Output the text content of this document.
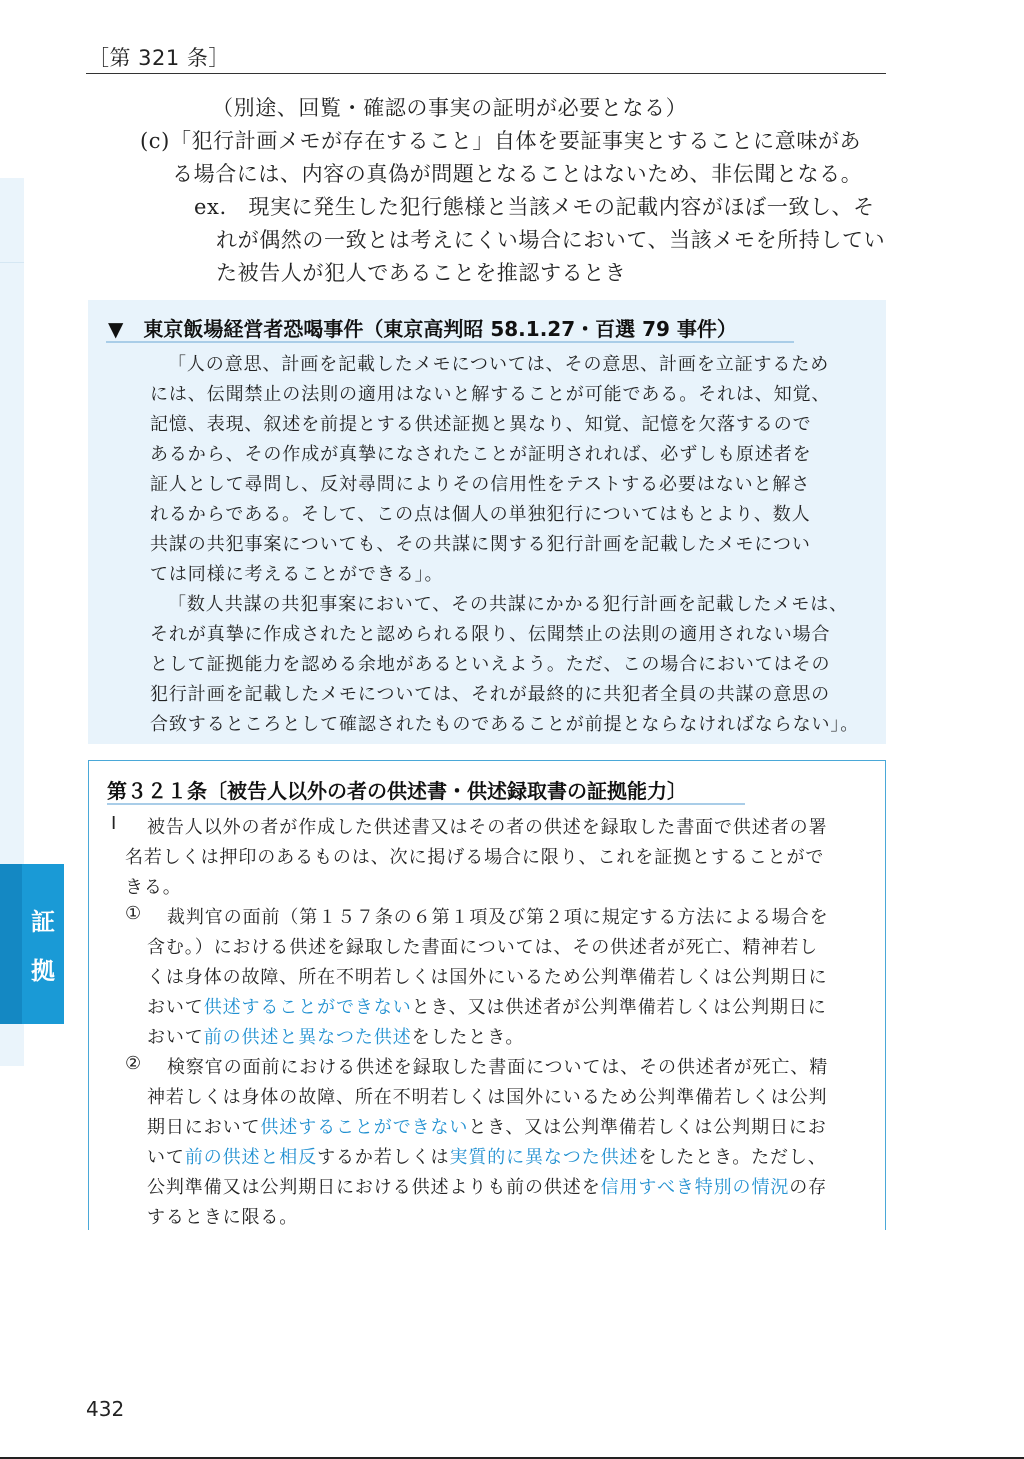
［第 321 条］
証
拠
（別途、回覧・確認の事実の証明が必要となる）
(c)「犯行計画メモが存在すること」自体を要証事実とすることに意味があ
る場合には、内容の真偽が問題となることはないため、非伝聞となる。
ex.　現実に発生した犯行態様と当該メモの記載内容がほぼ一致し、そ
れが偶然の一致とは考えにくい場合において、当該メモを所持してい
た被告人が犯人であることを推認するとき
▼　東京飯場経営者恐喝事件（東京高判昭 58.1.27・百選 79 事件）
「人の意思、計画を記載したメモについては、その意思、計画を立証するため
には、伝聞禁止の法則の適用はないと解することが可能である。それは、知覚、
記憶、表現、叙述を前提とする供述証拠と異なり、知覚、記憶を欠落するので
あるから、その作成が真摯になされたことが証明されれば、必ずしも原述者を
証人として尋問し、反対尋問によりその信用性をテストする必要はないと解さ
れるからである。そして、この点は個人の単独犯行についてはもとより、数人
共謀の共犯事案についても、その共謀に関する犯行計画を記載したメモについ
ては同様に考えることができる」。
「数人共謀の共犯事案において、その共謀にかかる犯行計画を記載したメモは、
それが真摯に作成されたと認められる限り、伝聞禁止の法則の適用されない場合
として証拠能力を認める余地があるといえよう。ただ、この場合においてはその
犯行計画を記載したメモについては、それが最終的に共犯者全員の共謀の意思の
合致するところとして確認されたものであることが前提とならなければならない」。
第３２１条〔被告人以外の者の供述書・供述録取書の証拠能力〕
Ⅰ 被告人以外の者が作成した供述書又はその者の供述を録取した書面で供述者の署
名若しくは押印のあるものは、次に掲げる場合に限り、これを証拠とすることがで
きる。
① 裁判官の面前（第１５７条の６第１項及び第２項に規定する方法による場合を
含む。）における供述を録取した書面については、その供述者が死亡、精神若し
くは身体の故障、所在不明若しくは国外にいるため公判準備若しくは公判期日に
おいて供述することができないとき、又は供述者が公判準備若しくは公判期日に
おいて前の供述と異なつた供述をしたとき。
② 検察官の面前における供述を録取した書面については、その供述者が死亡、精
神若しくは身体の故障、所在不明若しくは国外にいるため公判準備若しくは公判
期日において供述することができないとき、又は公判準備若しくは公判期日にお
いて前の供述と相反するか若しくは実質的に異なつた供述をしたとき。ただし、
公判準備又は公判期日における供述よりも前の供述を信用すべき特別の情況の存
するときに限る。
432
